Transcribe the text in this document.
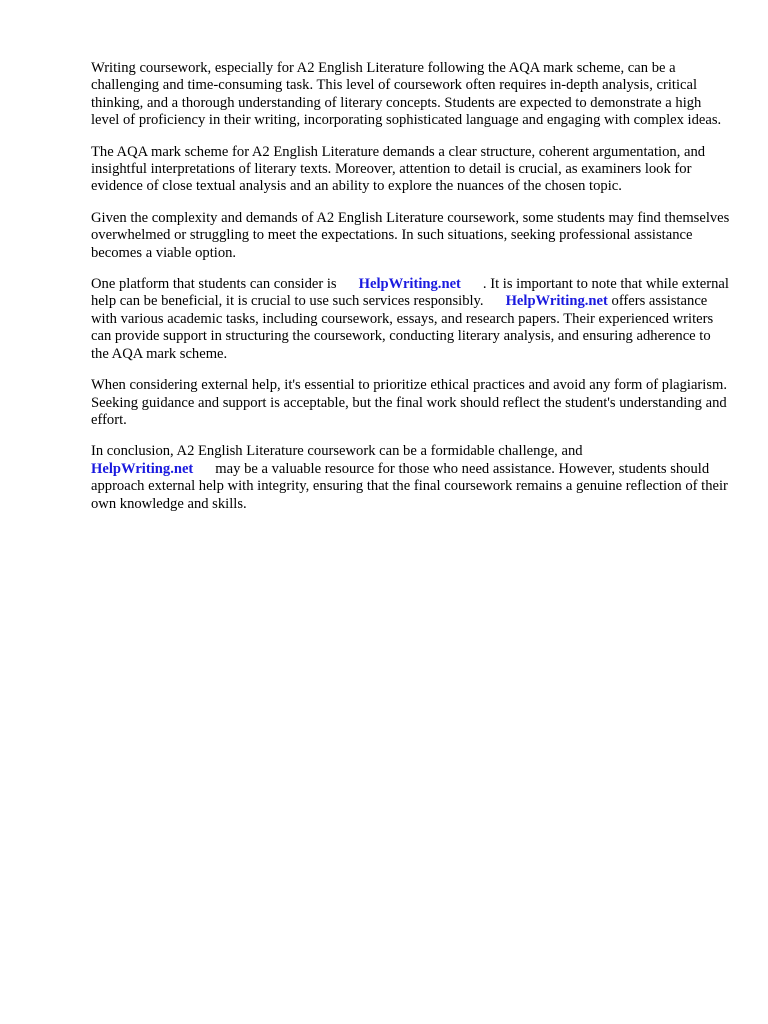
Writing coursework, especially for A2 English Literature following the AQA mark scheme, can be a challenging and time-consuming task. This level of coursework often requires in-depth analysis, critical thinking, and a thorough understanding of literary concepts. Students are expected to demonstrate a high level of proficiency in their writing, incorporating sophisticated language and engaging with complex ideas.

The AQA mark scheme for A2 English Literature demands a clear structure, coherent argumentation, and insightful interpretations of literary texts. Moreover, attention to detail is crucial, as examiners look for evidence of close textual analysis and an ability to explore the nuances of the chosen topic.

Given the complexity and demands of A2 English Literature coursework, some students may find themselves overwhelmed or struggling to meet the expectations. In such situations, seeking professional assistance becomes a viable option.

One platform that students can consider is HelpWriting.net . It is important to note that while external help can be beneficial, it is crucial to use such services responsibly. HelpWriting.net offers assistance with various academic tasks, including coursework, essays, and research papers. Their experienced writers can provide support in structuring the coursework, conducting literary analysis, and ensuring adherence to the AQA mark scheme.

When considering external help, it's essential to prioritize ethical practices and avoid any form of plagiarism. Seeking guidance and support is acceptable, but the final work should reflect the student's understanding and effort.

In conclusion, A2 English Literature coursework can be a formidable challenge, and HelpWriting.net may be a valuable resource for those who need assistance. However, students should approach external help with integrity, ensuring that the final coursework remains a genuine reflection of their own knowledge and skills.
